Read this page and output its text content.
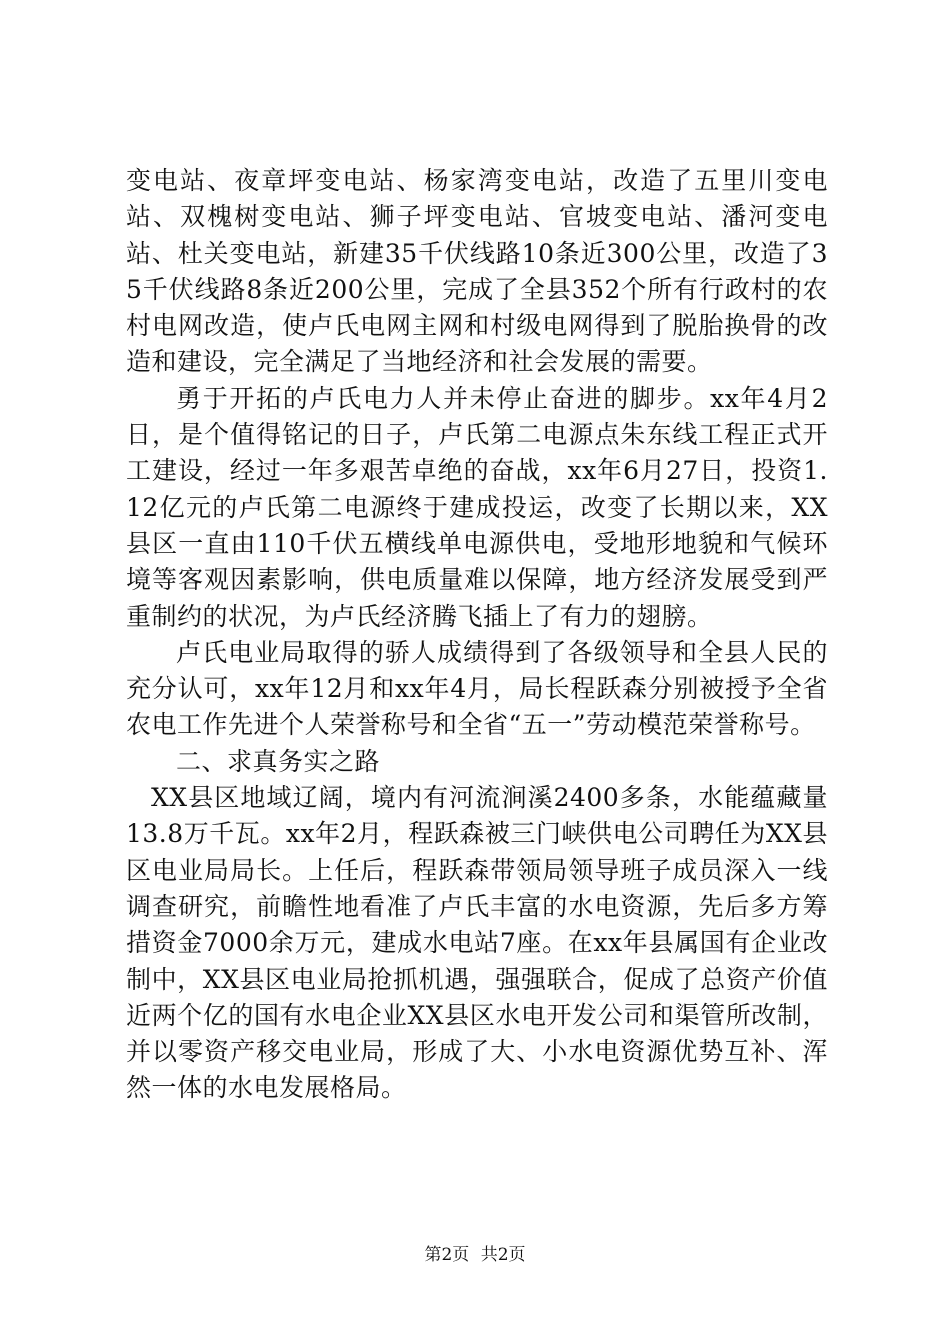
变电站、夜章坪变电站、杨家湾变电站，改造了五里川变电站、双槐树变电站、狮子坪变电站、官坡变电站、潘河变电站、杜关变电站，新建35千伏线路10条近300公里，改造了35千伏线路8条近200公里，完成了全县352个所有行政村的农村电网改造，使卢氏电网主网和村级电网得到了脱胎换骨的改造和建设，完全满足了当地经济和社会发展的需要。

勇于开拓的卢氏电力人并未停止奋进的脚步。xx年4月2日，是个值得铭记的日子，卢氏第二电源点朱东线工程正式开工建设，经过一年多艰苦卓绝的奋战，xx年6月27日，投资1.12亿元的卢氏第二电源终于建成投运，改变了长期以来，XX县区一直由110千伏五横线单电源供电，受地形地貌和气候环境等客观因素影响，供电质量难以保障，地方经济发展受到严重制约的状况，为卢氏经济腾飞插上了有力的翅膀。

卢氏电业局取得的骄人成绩得到了各级领导和全县人民的充分认可，xx年12月和xx年4月，局长程跃森分别被授予全省农电工作先进个人荣誉称号和全省“五一”劳动模范荣誉称号。

二、求真务实之路

XX县区地域辽阔，境内有河流涧溪2400多条，水能蕴藏量13.8万千瓦。xx年2月，程跃森被三门峡供电公司聘任为XX县区电业局局长。上任后，程跃森带领局领导班子成员深入一线调查研究，前瞻性地看准了卢氏丰富的水电资源，先后多方筹措资金7000余万元，建成水电站7座。在xx年县属国有企业改制中，XX县区电业局抢抓机遇，强强联合，促成了总资产价值近两个亿的国有水电企业XX县区水电开发公司和渠管所改制，并以零资产移交电业局，形成了大、小水电资源优势互补、浑然一体的水电发展格局。

第2页 共2页
